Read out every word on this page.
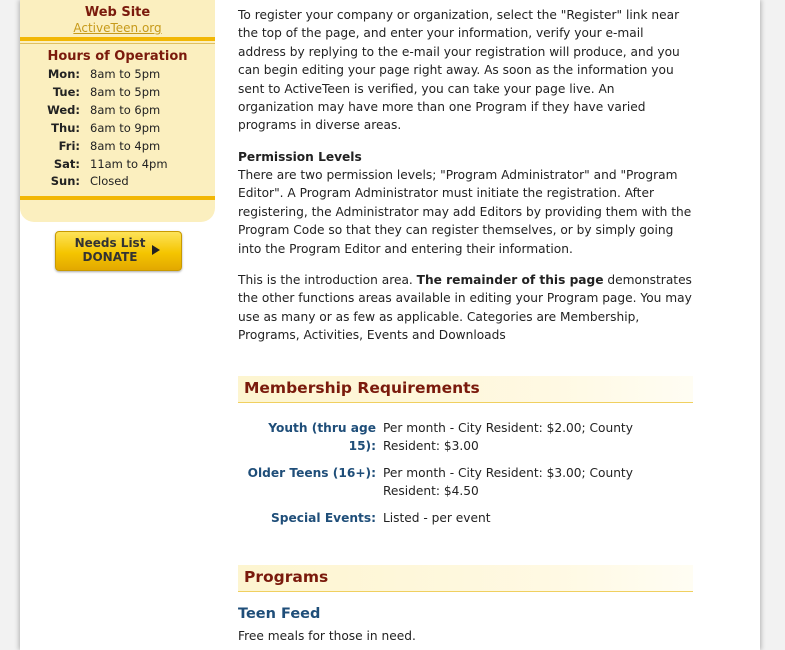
Web Site
ActiveTeen.org
Hours of Operation
Mon: 8am to 5pm
Tue: 8am to 5pm
Wed: 8am to 6pm
Thu: 6am to 9pm
Fri: 8am to 4pm
Sat: 11am to 4pm
Sun: Closed
Needs List
DONATE
To register your company or organization, select the "Register" link near
the top of the page, and enter your information, verify your e-mail
address by replying to the e-mail your registration will produce, and you
can begin editing your page right away. As soon as the information you
sent to ActiveTeen is verified, you can take your page live. An
organization may have more than one Program if they have varied
programs in diverse areas.
Permission Levels
There are two permission levels; "Program Administrator" and "Program
Editor". A Program Administrator must initiate the registration. After
registering, the Administrator may add Editors by providing them with the
Program Code so that they can register themselves, or by simply going
into the Program Editor and entering their information.
This is the introduction area. The remainder of this page demonstrates
the other functions areas available in editing your Program page. You may
use as many or as few as applicable. Categories are Membership,
Programs, Activities, Events and Downloads
Membership Requirements
Youth (thru age 15):
Per month - City Resident: $2.00; County
Resident: $3.00
Older Teens (16+): Per month - City Resident: $3.00; County
Resident: $4.50
Special Events: Listed - per event
Programs
Teen Feed
Free meals for those in need.
